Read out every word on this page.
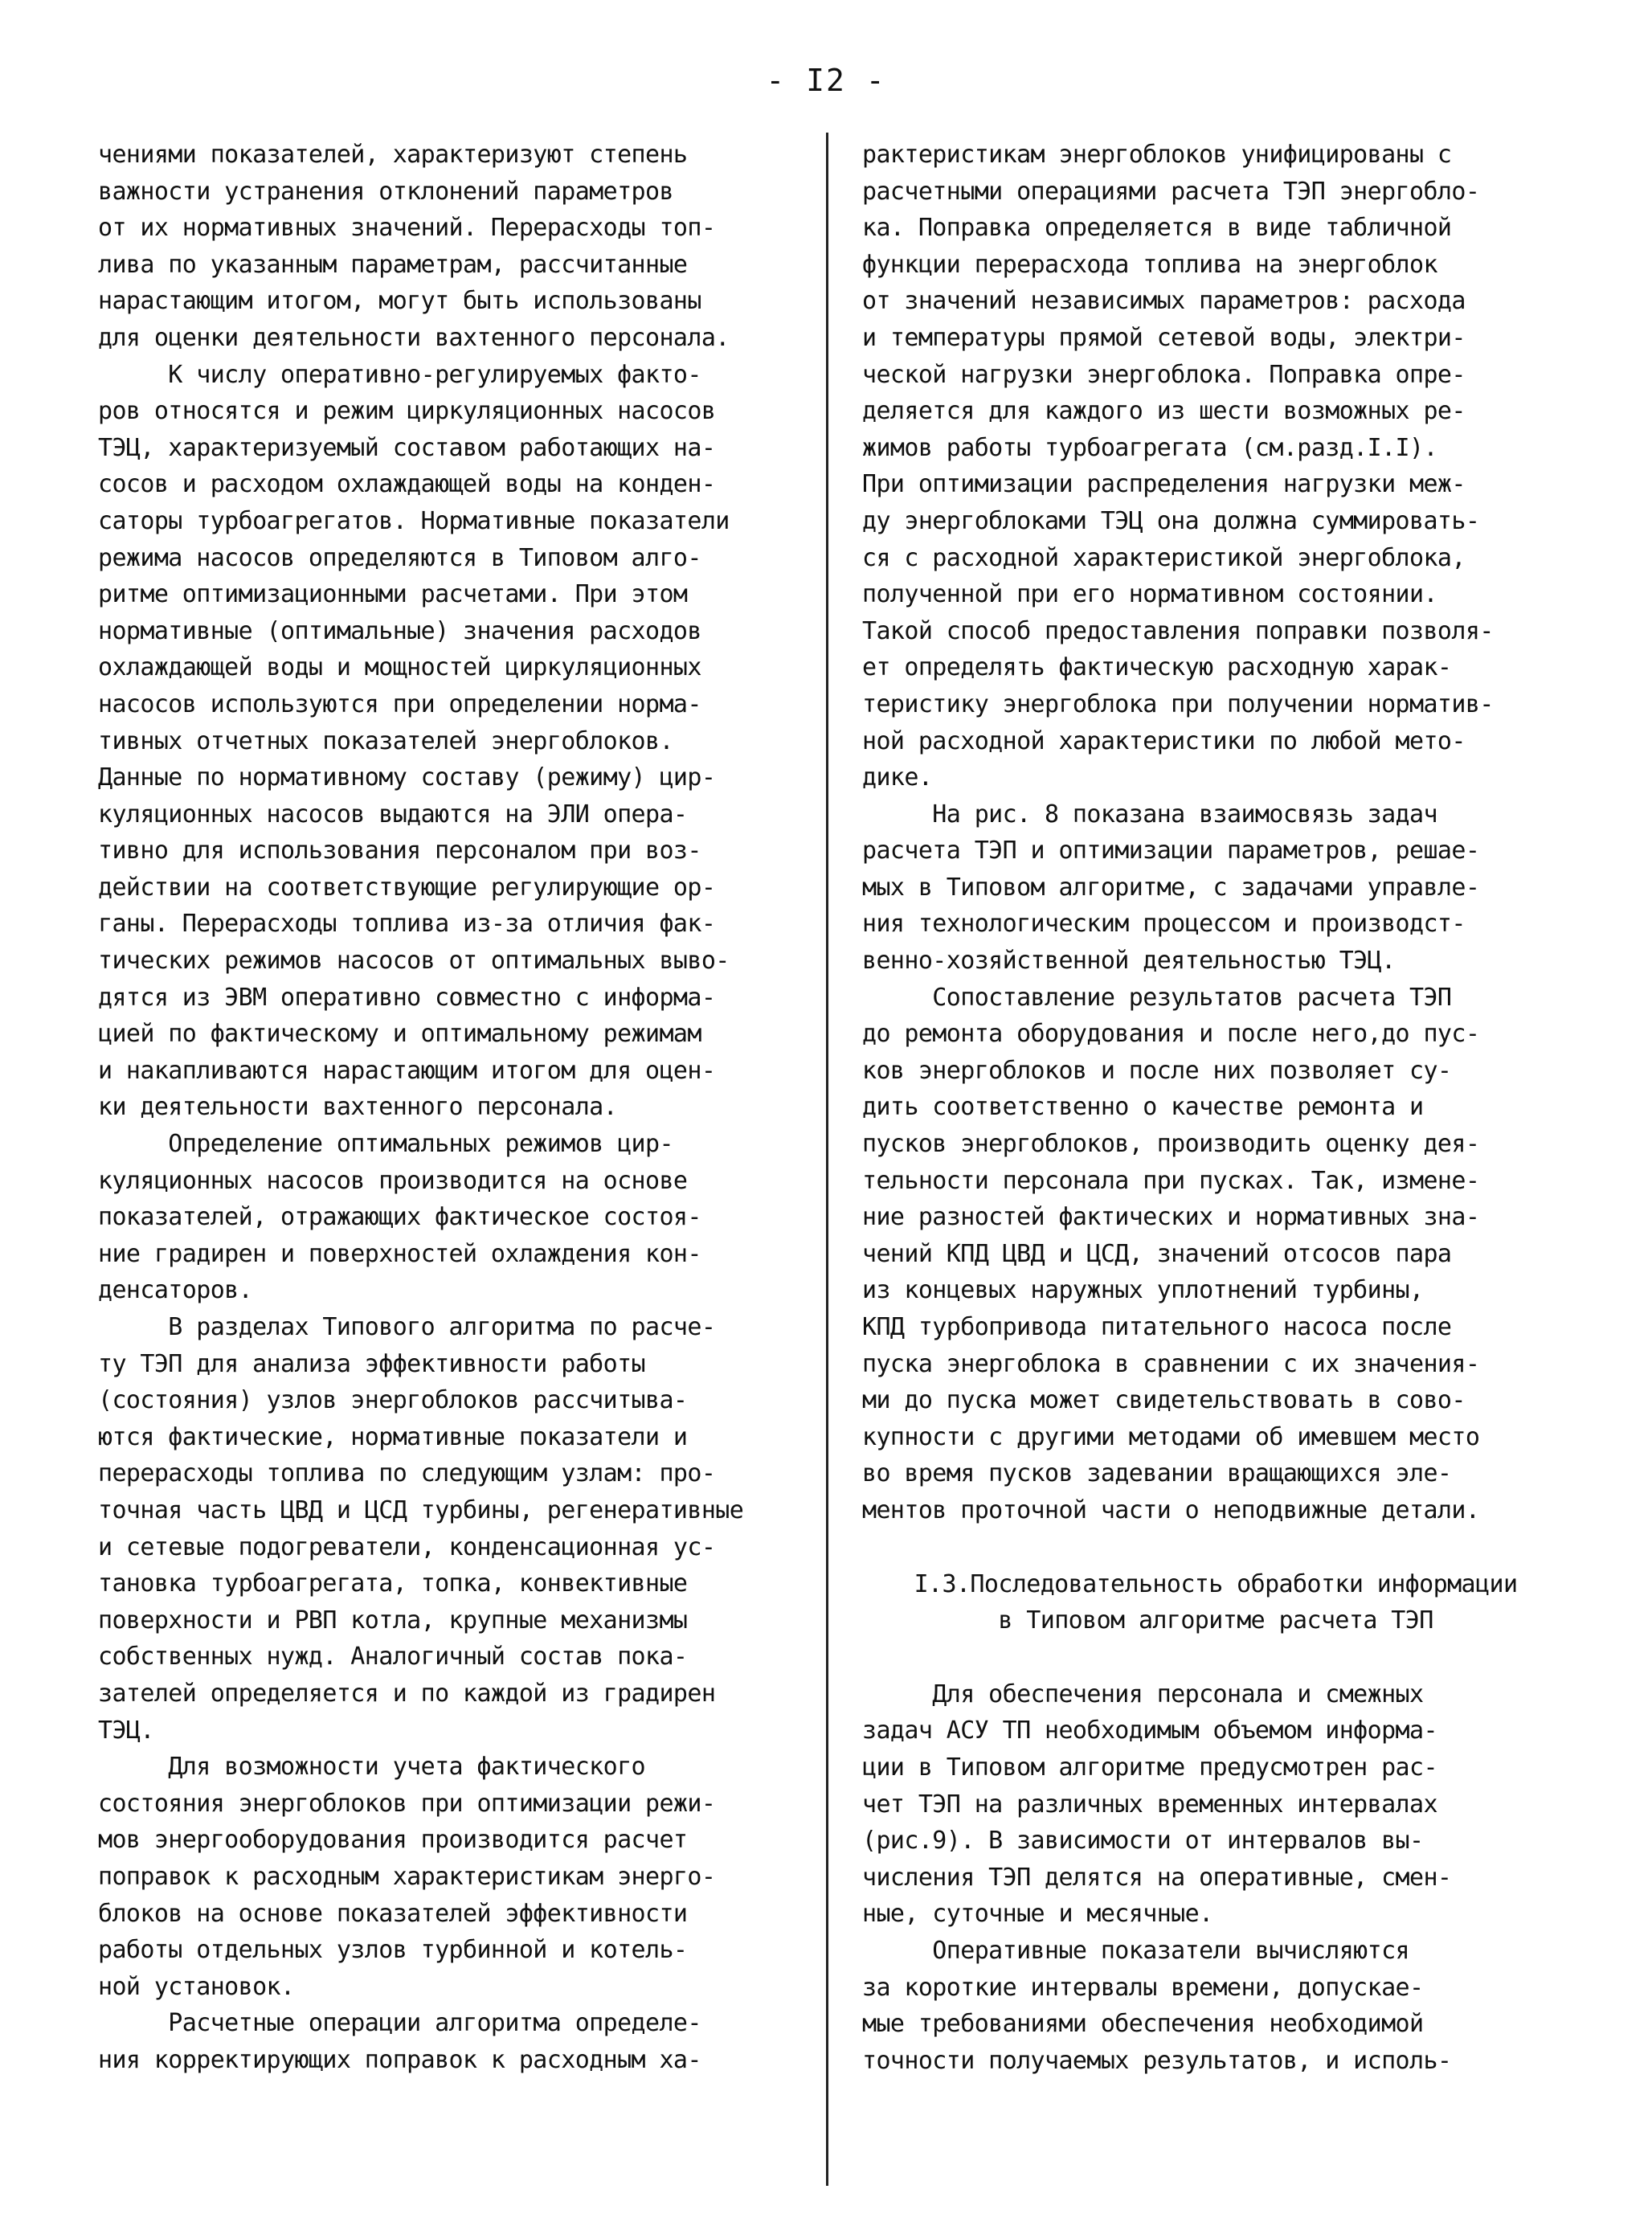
- I2 -

чениями показателей, характеризуют степень
важности устранения отклонений параметров
от их нормативных значений. Перерасходы топ-
лива по указанным параметрам, рассчитанные
нарастающим итогом, могут быть использованы
для оценки деятельности вахтенного персонала.

К числу оперативно-регулируемых факто-
ров относятся и режим циркуляционных насосов
ТЭЦ, характеризуемый составом работающих на-
сосов и расходом охлаждающей воды на конден-
саторы турбоагрегатов. Нормативные показатели
режима насосов определяются в Типовом алго-
ритме оптимизационными расчетами. При этом
нормативные (оптимальные) значения расходов
охлаждающей воды и мощностей циркуляционных
насосов используются при определении норма-
тивных отчетных показателей энергоблоков.
Данные по нормативному составу (режиму) цир-
куляционных насосов выдаются на ЭЛИ опера-
тивно для использования персоналом при воз-
действии на соответствующие регулирующие ор-
ганы. Перерасходы топлива из-за отличия фак-
тических режимов насосов от оптимальных выво-
дятся из ЭВМ оперативно совместно с информа-
цией по фактическому и оптимальному режимам
и накапливаются нарастающим итогом для оцен-
ки деятельности вахтенного персонала.

Определение оптимальных режимов цир-
куляционных насосов производится на основе
показателей, отражающих фактическое состоя-
ние градирен и поверхностей охлаждения кон-
денсаторов.

В разделах Типового алгоритма по расче-
ту ТЭП для анализа эффективности работы
(состояния) узлов энергоблоков рассчитыва-
ются фактические, нормативные показатели и
перерасходы топлива по следующим узлам: про-
точная часть ЦВД и ЦСД турбины, регенеративные
и сетевые подогреватели, конденсационная ус-
тановка турбоагрегата, топка, конвективные
поверхности и РВП котла, крупные механизмы
собственных нужд. Аналогичный состав пока-
зателей определяется и по каждой из градирен
ТЭЦ.

Для возможности учета фактического
состояния энергоблоков при оптимизации режи-
мов энергооборудования производится расчет
поправок к расходным характеристикам энерго-
блоков на основе показателей эффективности
работы отдельных узлов турбинной и котель-
ной установок.

Расчетные операции алгоритма определе-
ния корректирующих поправок к расходным ха-

рактеристикам энергоблоков унифицированы с
расчетными операциями расчета ТЭП энергобло-
ка. Поправка определяется в виде табличной
функции перерасхода топлива на энергоблок
от значений независимых параметров: расхода
и температуры прямой сетевой воды, электри-
ческой нагрузки энергоблока. Поправка опре-
деляется для каждого из шести возможных ре-
жимов работы турбоагрегата (см.разд.I.I).
При оптимизации распределения нагрузки меж-
ду энергоблоками ТЭЦ она должна суммировать-
ся с расходной характеристикой энергоблока,
полученной при его нормативном состоянии.
Такой способ предоставления поправки позволя-
ет определять фактическую расходную харак-
теристику энергоблока при получении норматив-
ной расходной характеристики по любой мето-
дике.

На рис. 8 показана взаимосвязь задач
расчета ТЭП и оптимизации параметров, решае-
мых в Типовом алгоритме, с задачами управле-
ния технологическим процессом и производст-
венно-хозяйственной деятельностью ТЭЦ.

Сопоставление результатов расчета ТЭП
до ремонта оборудования и после него,до пус-
ков энергоблоков и после них позволяет су-
дить соответственно о качестве ремонта и
пусков энергоблоков, производить оценку дея-
тельности персонала при пусках. Так, измене-
ние разностей фактических и нормативных зна-
чений КПД ЦВД и ЦСД, значений отсосов пара
из концевых наружных уплотнений турбины,
КПД турбопривода питательного насоса после
пуска энергоблока в сравнении с их значения-
ми до пуска может свидетельствовать в сово-
купности с другими методами об имевшем место
во время пусков задевании вращающихся эле-
ментов проточной части о неподвижные детали.

I.3.Последовательность обработки информации
в Типовом алгоритме расчета ТЭП

Для обеспечения персонала и смежных
задач АСУ ТП необходимым объемом информа-
ции в Типовом алгоритме предусмотрен рас-
чет ТЭП на различных временных интервалах
(рис.9). В зависимости от интервалов вы-
числения ТЭП делятся на оперативные, смен-
ные, суточные и месячные.

Оперативные показатели вычисляются
за короткие интервалы времени, допускае-
мые требованиями обеспечения необходимой
точности получаемых результатов, и исполь-
